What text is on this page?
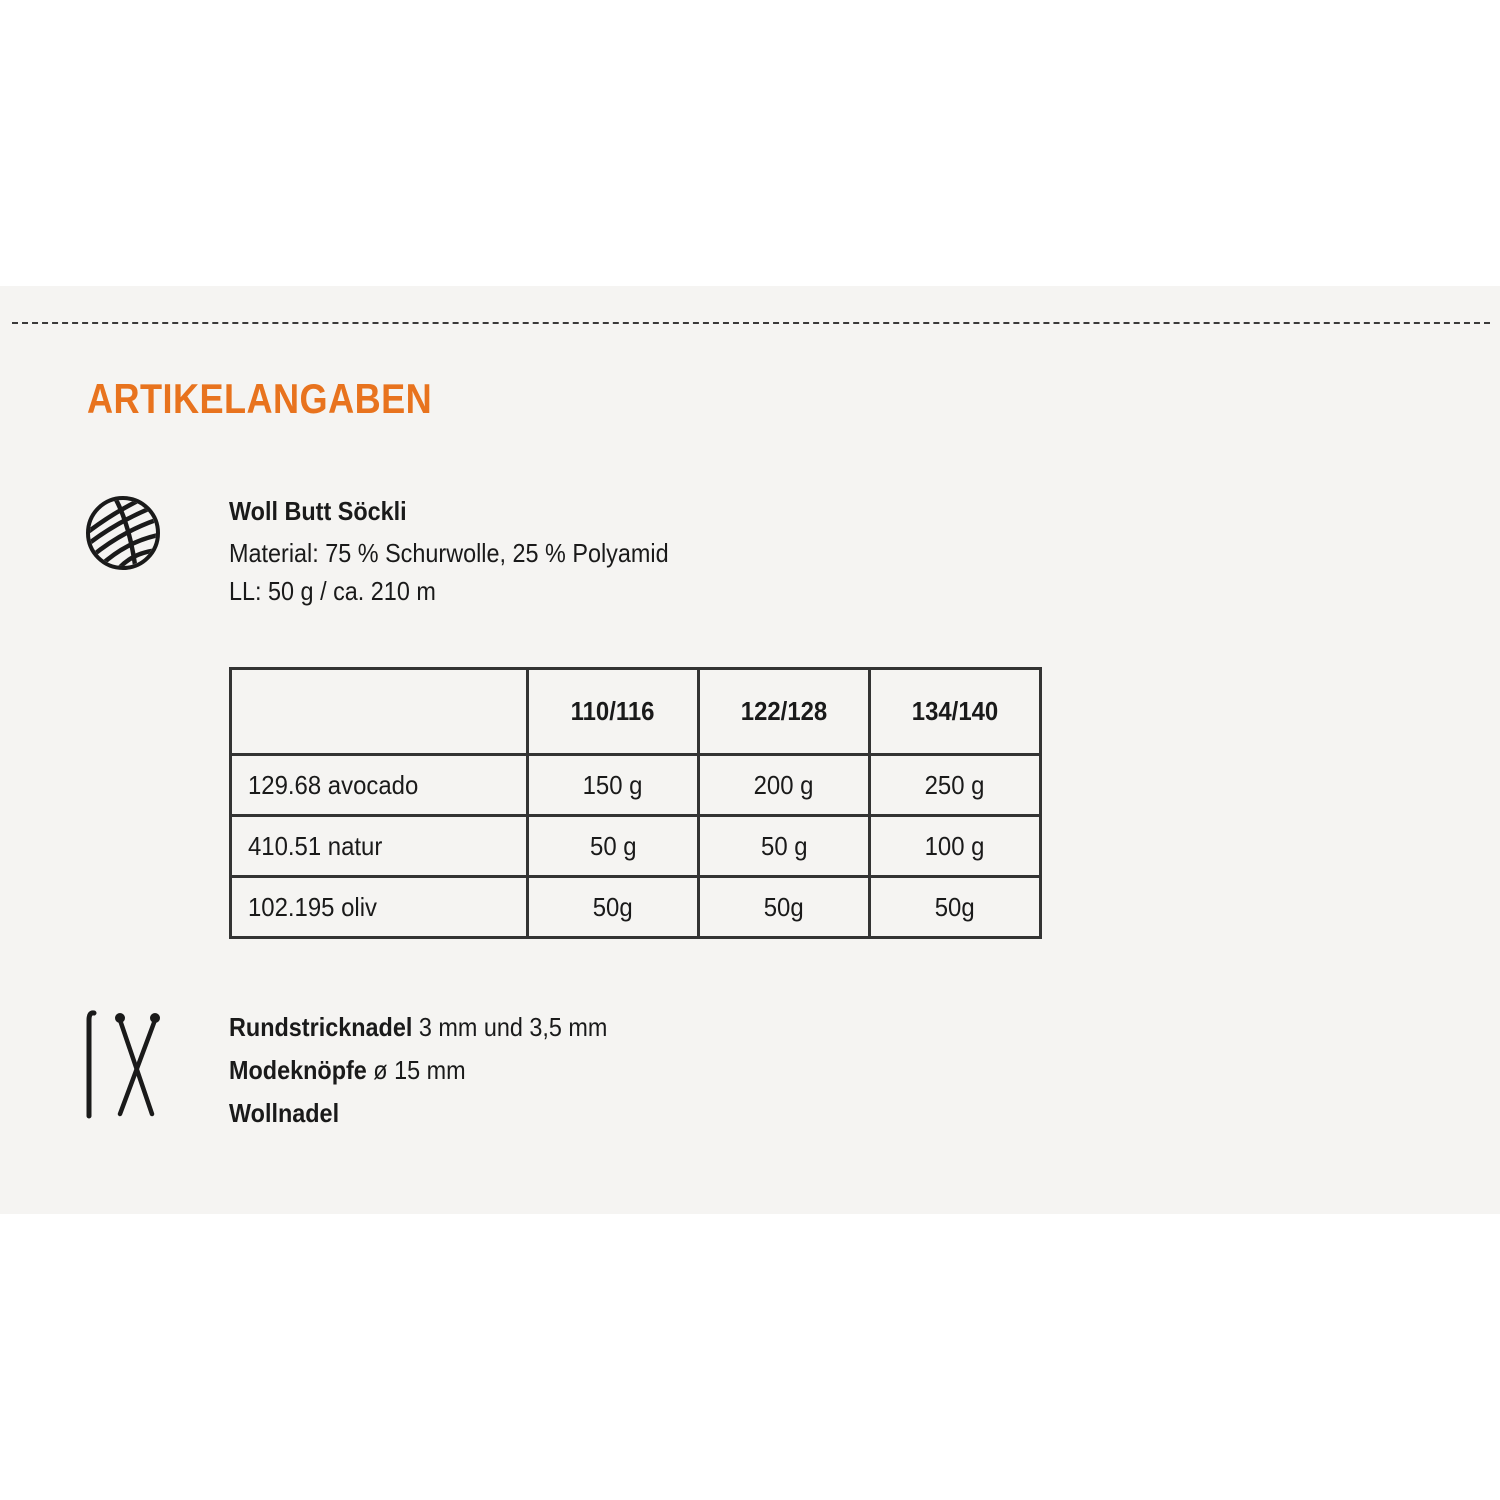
ARTIKELANGABEN
Woll Butt Söckli
Material: 75 % Schurwolle, 25 % Polyamid
LL: 50 g / ca. 210 m
	110/116	122/128	134/140
129.68 avocado	150 g	200 g	250 g
410.51 natur	50 g	50 g	100 g
102.195 oliv	50g	50g	50g
Rundstricknadel 3 mm und 3,5 mm
Modeknöpfe ø 15 mm
Wollnadel
